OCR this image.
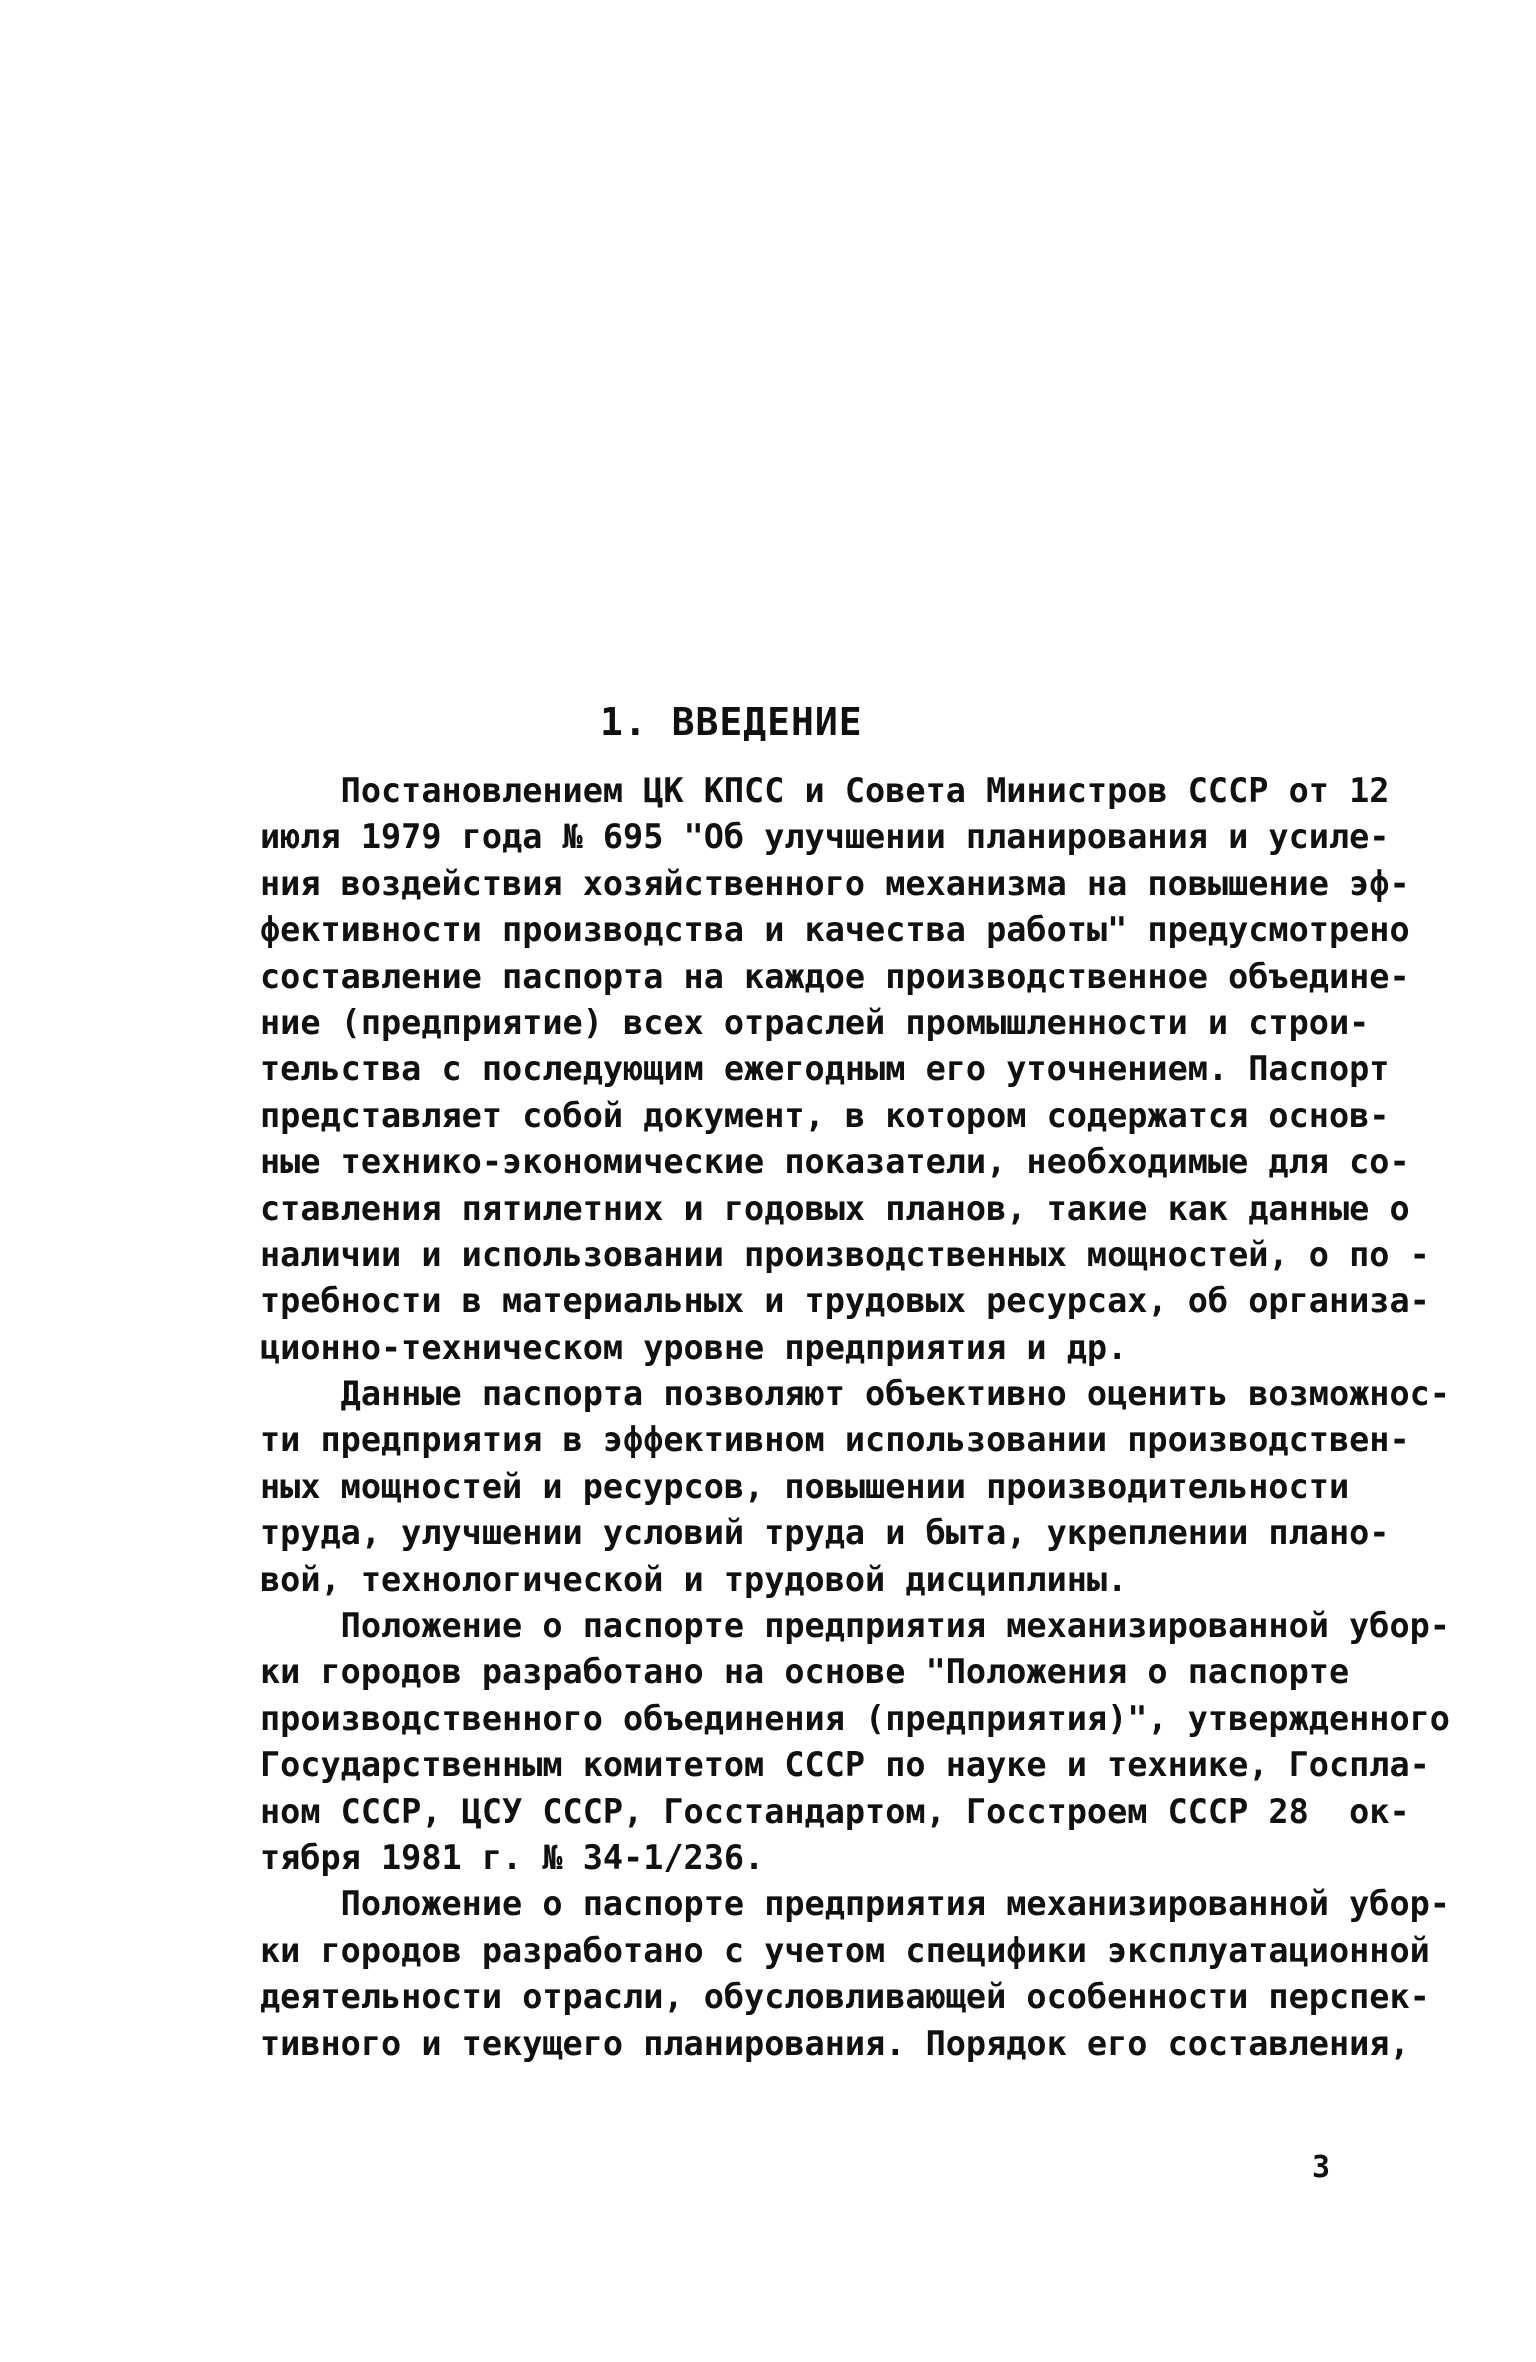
1. ВВЕДЕНИЕ
Постановлением ЦК КПСС и Совета Министров СССР от 12
июля 1979 года № 695 "Об улучшении планирования и усиле-
ния воздействия хозяйственного механизма на повышение эф-
фективности производства и качества работы" предусмотрено
составление паспорта на каждое производственное объедине-
ние (предприятие) всех отраслей промышленности и строи-
тельства с последующим ежегодным его уточнением. Паспорт
представляет собой документ, в котором содержатся основ-
ные технико-экономические показатели, необходимые для со-
ставления пятилетних и годовых планов, такие как данные о
наличии и использовании производственных мощностей, о по -
требности в материальных и трудовых ресурсах, об организа-
ционно-техническом уровне предприятия и др.
Данные паспорта позволяют объективно оценить возможнос-
ти предприятия в эффективном использовании производствен-
ных мощностей и ресурсов, повышении производительности
труда, улучшении условий труда и быта, укреплении плано-
вой, технологической и трудовой дисциплины.
Положение о паспорте предприятия механизированной убор-
ки городов разработано на основе "Положения о паспорте
производственного объединения (предприятия)", утвержденного
Государственным комитетом СССР по науке и технике, Госпла-
ном СССР, ЦСУ СССР, Госстандартом, Госстроем СССР 28  ок-
тября 1981 г. № 34-1/236.
Положение о паспорте предприятия механизированной убор-
ки городов разработано с учетом специфики эксплуатационной
деятельности отрасли, обусловливающей особенности перспек-
тивного и текущего планирования. Порядок его составления,
3
